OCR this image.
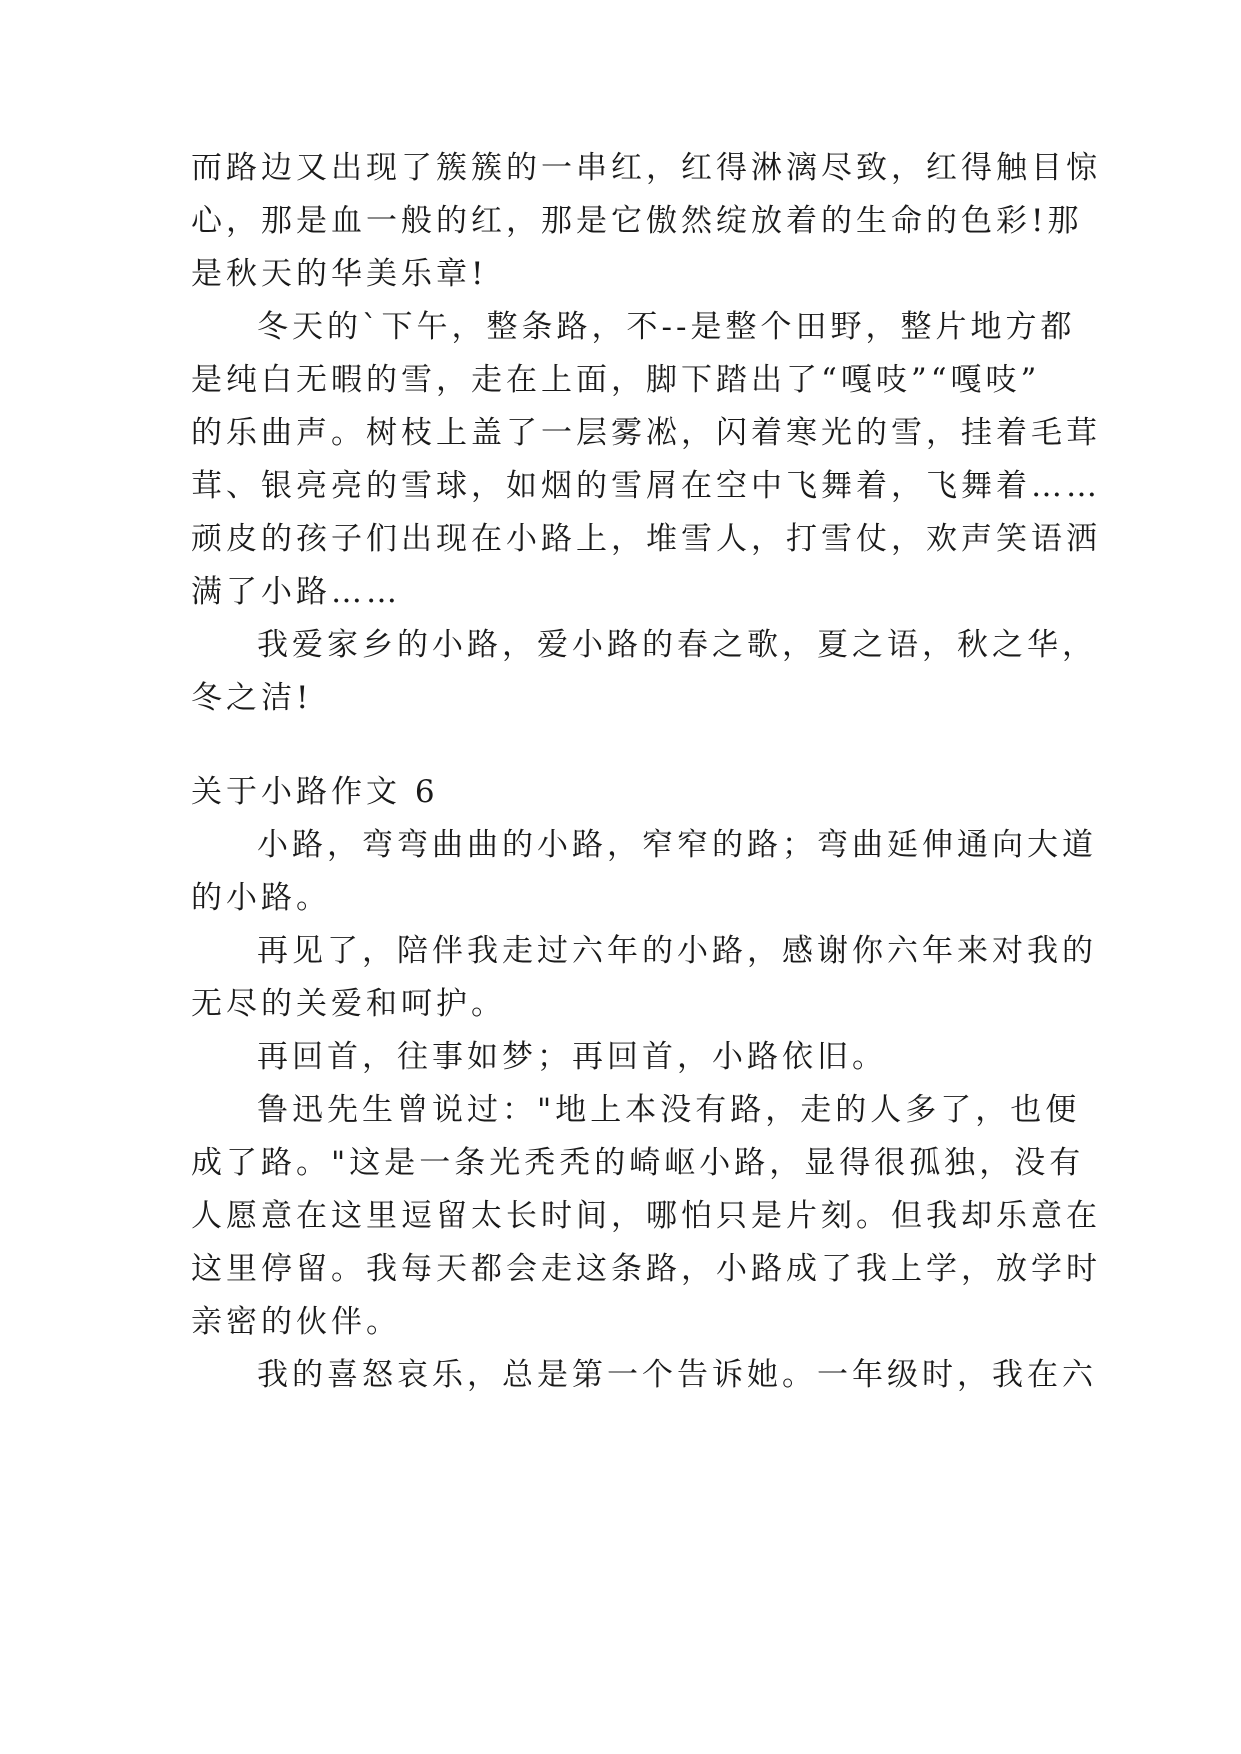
而路边又出现了簇簇的一串红，红得淋漓尽致，红得触目惊
心，那是血一般的红，那是它傲然绽放着的生命的色彩!那
是秋天的华美乐章!
冬天的`下午，整条路，不--是整个田野，整片地方都
是纯白无暇的雪，走在上面，脚下踏出了“嘎吱”“嘎吱”
的乐曲声。树枝上盖了一层雾凇，闪着寒光的雪，挂着毛茸
茸、银亮亮的雪球，如烟的雪屑在空中飞舞着，飞舞着……
顽皮的孩子们出现在小路上，堆雪人，打雪仗，欢声笑语洒
满了小路……
我爱家乡的小路，爱小路的春之歌，夏之语，秋之华，
冬之洁!
关于小路作文 6
小路，弯弯曲曲的小路，窄窄的路；弯曲延伸通向大道
的小路。
再见了，陪伴我走过六年的小路，感谢你六年来对我的
无尽的关爱和呵护。
再回首，往事如梦；再回首，小路依旧。
鲁迅先生曾说过："地上本没有路，走的人多了，也便
成了路。"这是一条光秃秃的崎岖小路，显得很孤独，没有
人愿意在这里逗留太长时间，哪怕只是片刻。但我却乐意在
这里停留。我每天都会走这条路，小路成了我上学，放学时
亲密的伙伴。
我的喜怒哀乐，总是第一个告诉她。一年级时，我在六
